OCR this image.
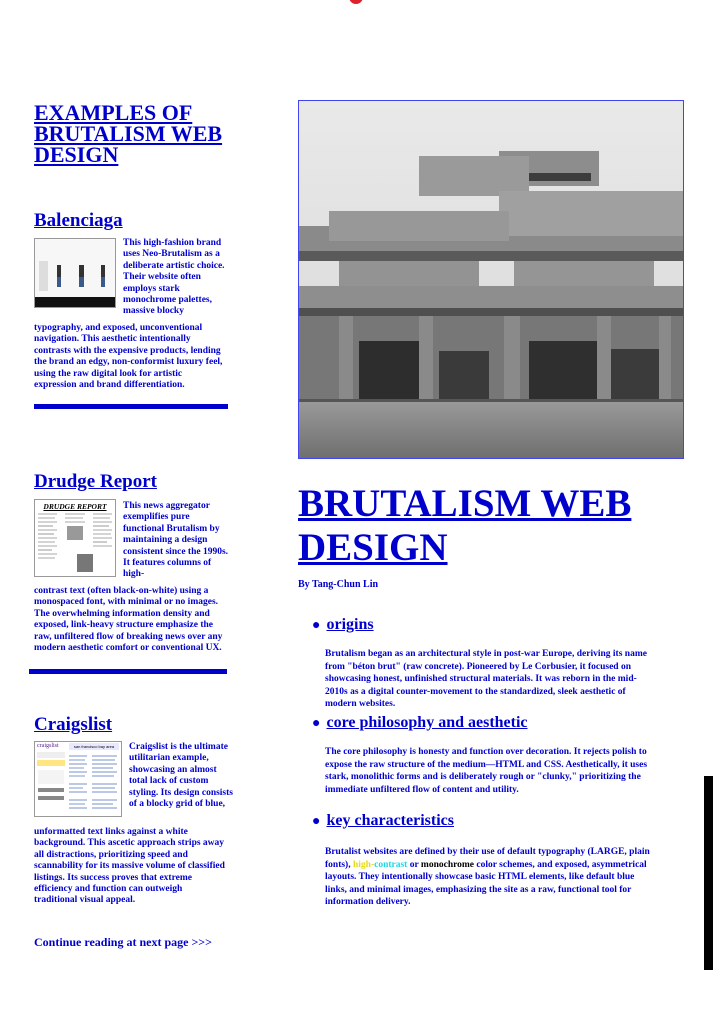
EXAMPLES OF BRUTALISM WEB DESIGN
Balenciaga
This high-fashion brand uses Neo-Brutalism as a deliberate artistic choice. Their website often employs stark monochrome palettes, massive blocky
typography, and exposed, unconventional navigation. This aesthetic intentionally contrasts with the expensive products, lending the brand an edgy, non-conformist luxury feel, using the raw digital look for artistic expression and brand differentiation.
Drudge Report
DRUDGE REPORT	This news aggregator exemplifies pure functional Brutalism by maintaining a design consistent since the 1990s. It features columns of high-
contrast text (often black-on-white) using a monospaced font, with minimal or no images. The overwhelming information density and exposed, link-heavy structure emphasize the raw, unfiltered flow of breaking news over any modern aesthetic comfort or conventional UX.
Craigslist
craigslist	san francisco bay area	Craigslist is the ultimate utilitarian example, showcasing an almost total lack of custom styling. Its design consists of a blocky grid of blue,
unformatted text links against a white background. This ascetic approach strips away all distractions, prioritizing speed and scannability for its massive volume of classified listings. Its success proves that extreme efficiency and function can outweigh traditional visual appeal.
Continue reading at next page >>>
BRUTALISM WEB DESIGN
By Tang-Chun Lin
● origins
Brutalism began as an architectural style in post-war Europe, deriving its name from "béton brut" (raw concrete). Pioneered by Le Corbusier, it focused on showcasing honest, unfinished structural materials. It was reborn in the mid-2010s as a digital counter-movement to the standardized, sleek aesthetic of modern websites.
● core philosophy and aesthetic
The core philosophy is honesty and function over decoration. It rejects polish to expose the raw structure of the medium—HTML and CSS. Aesthetically, it uses stark, monolithic forms and is deliberately rough or "clunky," prioritizing the immediate unfiltered flow of content and utility.
● key characteristics
Brutalist websites are defined by their use of default typography (LARGE, plain fonts), high-contrast or monochrome color schemes, and exposed, asymmetrical layouts. They intentionally showcase basic HTML elements, like default blue links, and minimal images, emphasizing the site as a raw, functional tool for information delivery.
